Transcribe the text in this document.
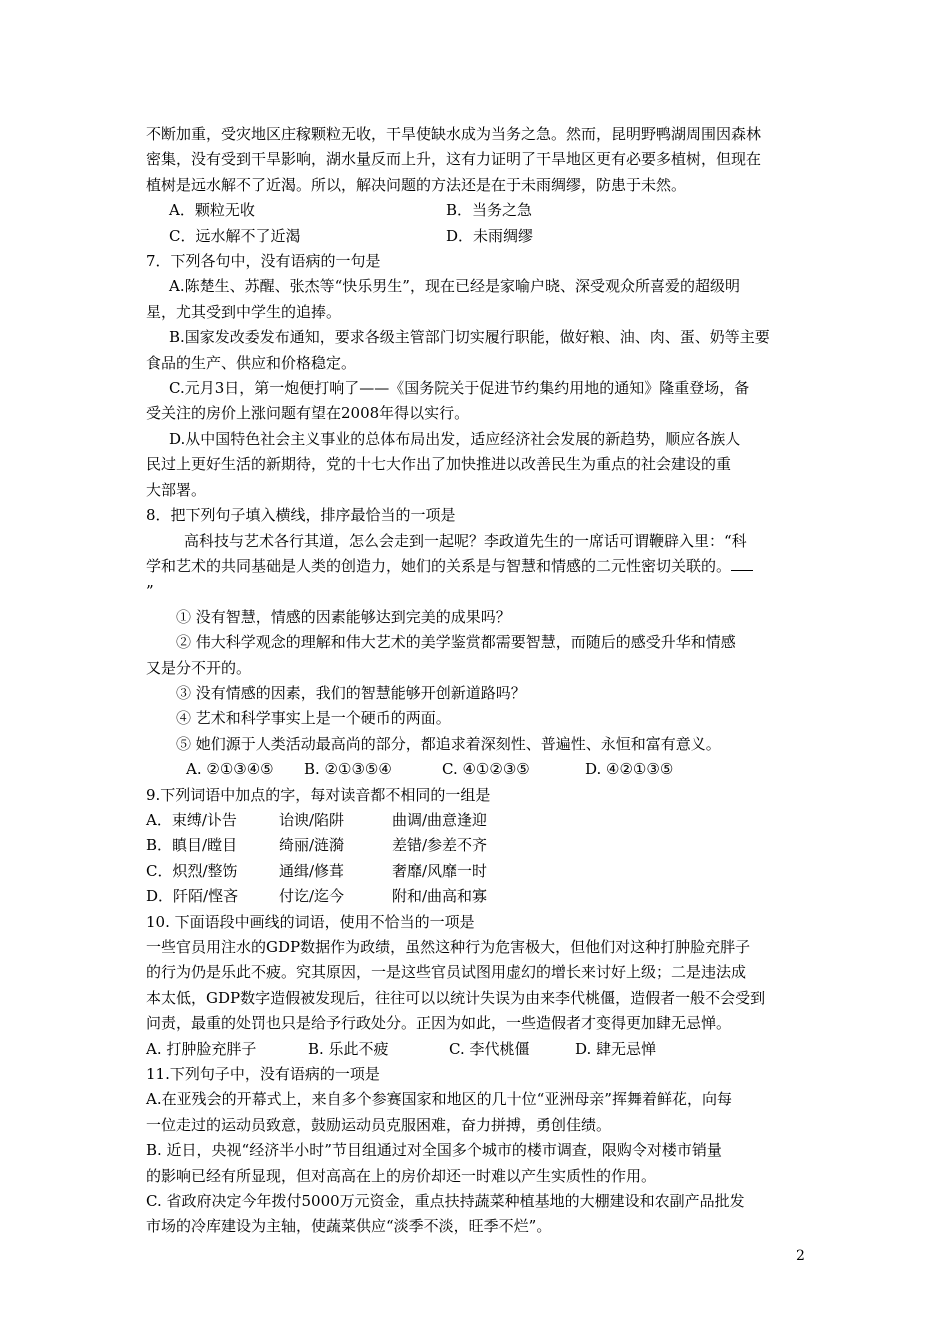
不断加重，受灾地区庄稼颗粒无收，干旱使缺水成为当务之急。然而，昆明野鸭湖周围因森林

密集，没有受到干旱影响，湖水量反而上升，这有力证明了干旱地区更有必要多植树，但现在

植树是远水解不了近渴。所以，解决问题的方法还是在于未雨绸缪，防患于未然。

A．颗粒无收	B．当务之急
C．远水解不了近渴	D．未雨绸缪

7．下列各句中，没有语病的一句是

A.陈楚生、苏醒、张杰等“快乐男生”，现在已经是家喻户晓、深受观众所喜爱的超级明

星，尤其受到中学生的追捧。

B.国家发改委发布通知，要求各级主管部门切实履行职能，做好粮、油、肉、蛋、奶等主要

食品的生产、供应和价格稳定。

C.元月3日，第一炮便打响了——《国务院关于促进节约集约用地的通知》隆重登场，备

受关注的房价上涨问题有望在2008年得以实行。

D.从中国特色社会主义事业的总体布局出发，适应经济社会发展的新趋势，顺应各族人

民过上更好生活的新期待，党的十七大作出了加快推进以改善民生为重点的社会建设的重

大部署。

8．把下列句子填入横线，排序最恰当的一项是

高科技与艺术各行其道，怎么会走到一起呢？李政道先生的一席话可谓鞭辟入里：“科

学和艺术的共同基础是人类的创造力，她们的关系是与智慧和情感的二元性密切关联的。

”

① 没有智慧，情感的因素能够达到完美的成果吗？

② 伟大科学观念的理解和伟大艺术的美学鉴赏都需要智慧，而随后的感受升华和情感

又是分不开的。

③ 没有情感的因素，我们的智慧能够开创新道路吗？

④ 艺术和科学事实上是一个硬币的两面。

⑤ 她们源于人类活动最高尚的部分，都追求着深刻性、普遍性、永恒和富有意义。

A. ②①③④⑤	B. ②①③⑤④	C. ④①②③⑤	D. ④②①③⑤

9.下列词语中加点的字，每对读音都不相同的一组是

A．束缚/讣告	诒谀/陷阱	曲调/曲意逢迎
B．瞋目/瞠目	绮丽/涟漪	差错/参差不齐
C．炽烈/整饬	通缉/修葺	奢靡/风靡一时
D．阡陌/悭吝	付讫/迄今	附和/曲高和寡

10. 下面语段中画线的词语，使用不恰当的一项是

一些官员用注水的GDP数据作为政绩，虽然这种行为危害极大，但他们对这种打肿脸充胖子

的行为仍是乐此不疲。究其原因，一是这些官员试图用虚幻的增长来讨好上级；二是违法成

本太低，GDP数字造假被发现后，往往可以以统计失误为由来李代桃僵，造假者一般不会受到

问责，最重的处罚也只是给予行政处分。正因为如此，一些造假者才变得更加肆无忌惮。

A. 打肿脸充胖子	B. 乐此不疲	C. 李代桃僵	D. 肆无忌惮

11.下列句子中，没有语病的一项是

A.在亚残会的开幕式上，来自多个参赛国家和地区的几十位“亚洲母亲”挥舞着鲜花，向每

一位走过的运动员致意，鼓励运动员克服困难，奋力拼搏，勇创佳绩。

B. 近日，央视“经济半小时”节目组通过对全国多个城市的楼市调查，限购令对楼市销量

的影响已经有所显现，但对高高在上的房价却还一时难以产生实质性的作用。

C. 省政府决定今年拨付5000万元资金，重点扶持蔬菜种植基地的大棚建设和农副产品批发

市场的冷库建设为主轴，使蔬菜供应“淡季不淡，旺季不烂”。

2
